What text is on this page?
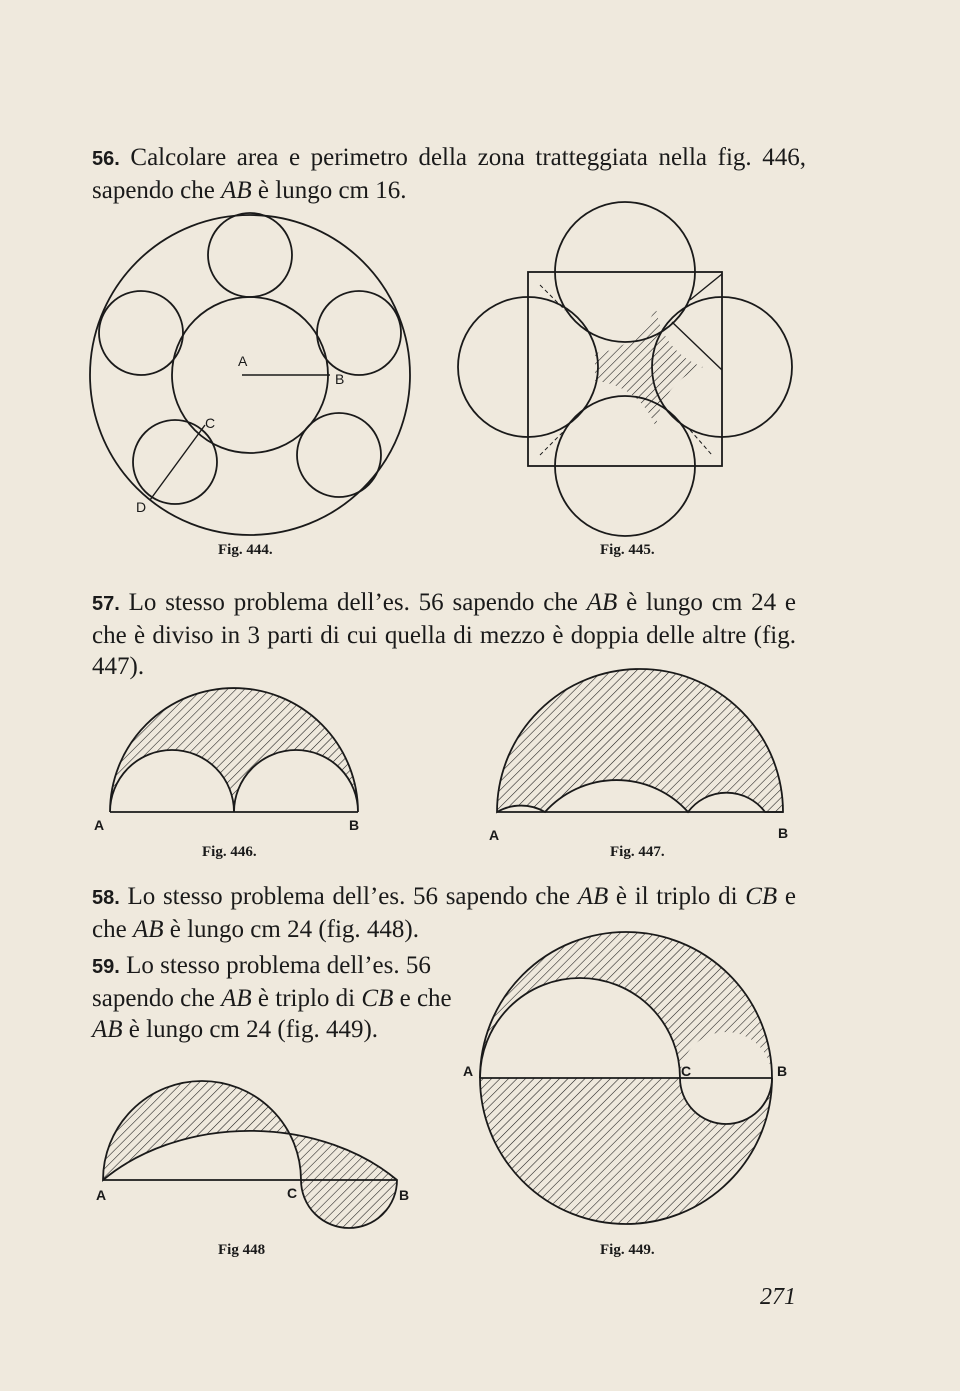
56. Calcolare area e perimetro della zona tratteggiata nella fig. 446, sapendo che AB è lungo cm 16.

A
B
C
D
A	B
A	B
A	C	B
A	C	B
Fig. 444.	Fig. 445.

57. Lo stesso problema dell’es. 56 sapendo che AB è lungo cm 24 e che è diviso in 3 parti di cui quella di mezzo è doppia delle altre (fig. 447).

Fig. 446.	Fig. 447.

58. Lo stesso problema dell’es. 56 sapendo che AB è il triplo di CB e che AB è lungo cm 24 (fig. 448).

59. Lo stesso problema dell’es. 56 sapendo che AB è triplo di CB e che AB è lungo cm 24 (fig. 449).

Fig 448	Fig. 449.
271
